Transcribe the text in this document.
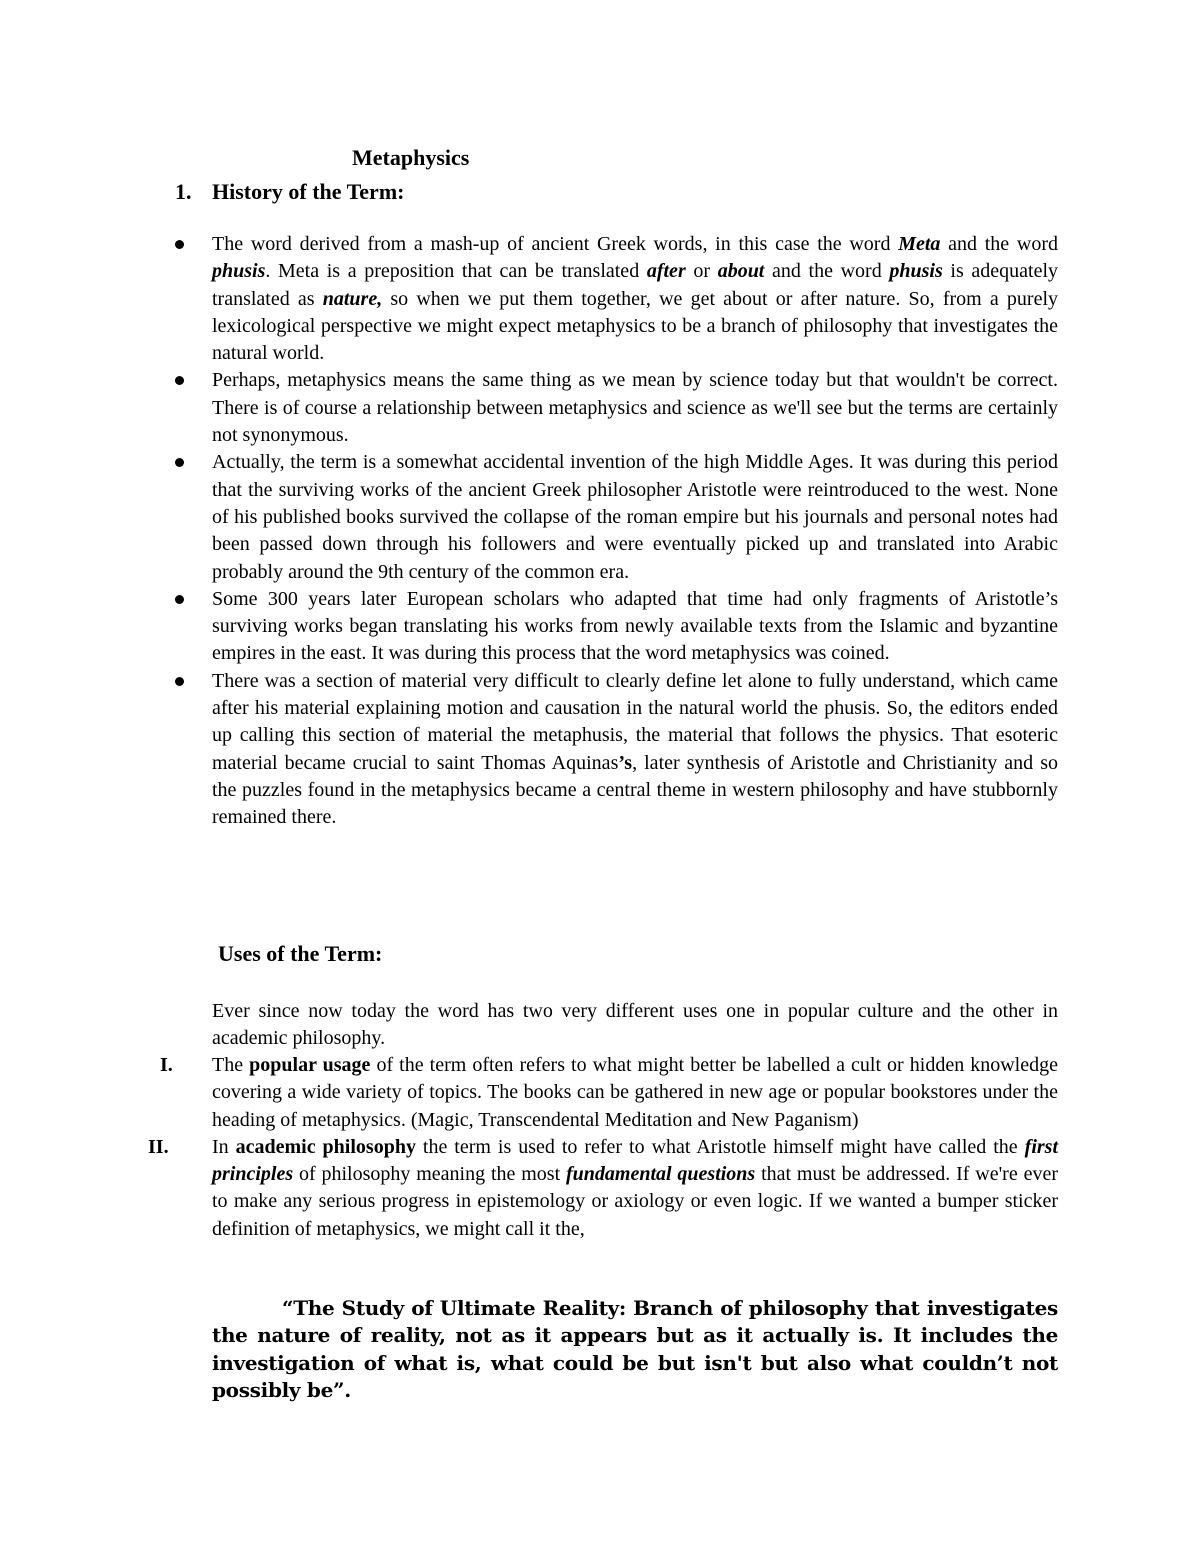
Metaphysics
1. History of the Term:
The word derived from a mash-up of ancient Greek words, in this case the word Meta and the word phusis. Meta is a preposition that can be translated after or about and the word phusis is adequately translated as nature, so when we put them together, we get about or after nature. So, from a purely lexicological perspective we might expect metaphysics to be a branch of philosophy that investigates the natural world.
Perhaps, metaphysics means the same thing as we mean by science today but that wouldn't be correct. There is of course a relationship between metaphysics and science as we'll see but the terms are certainly not synonymous.
Actually, the term is a somewhat accidental invention of the high Middle Ages. It was during this period that the surviving works of the ancient Greek philosopher Aristotle were reintroduced to the west. None of his published books survived the collapse of the roman empire but his journals and personal notes had been passed down through his followers and were eventually picked up and translated into Arabic probably around the 9th century of the common era.
Some 300 years later European scholars who adapted that time had only fragments of Aristotle’s surviving works began translating his works from newly available texts from the Islamic and byzantine empires in the east. It was during this process that the word metaphysics was coined.
There was a section of material very difficult to clearly define let alone to fully understand, which came after his material explaining motion and causation in the natural world the phusis. So, the editors ended up calling this section of material the metaphusis, the material that follows the physics. That esoteric material became crucial to saint Thomas Aquinas’s, later synthesis of Aristotle and Christianity and so the puzzles found in the metaphysics became a central theme in western philosophy and have stubbornly remained there.
Uses of the Term:

Ever since now today the word has two very different uses one in popular culture and the other in academic philosophy.

I. The popular usage of the term often refers to what might better be labelled a cult or hidden knowledge covering a wide variety of topics. The books can be gathered in new age or popular bookstores under the heading of metaphysics. (Magic, Transcendental Meditation and New Paganism)
II. In academic philosophy the term is used to refer to what Aristotle himself might have called the first principles of philosophy meaning the most fundamental questions that must be addressed. If we're ever to make any serious progress in epistemology or axiology or even logic. If we wanted a bumper sticker definition of metaphysics, we might call it the,

“The Study of Ultimate Reality: Branch of philosophy that investigates the nature of reality, not as it appears but as it actually is. It includes the investigation of what is, what could be but isn't but also what couldn’t not possibly be”.
